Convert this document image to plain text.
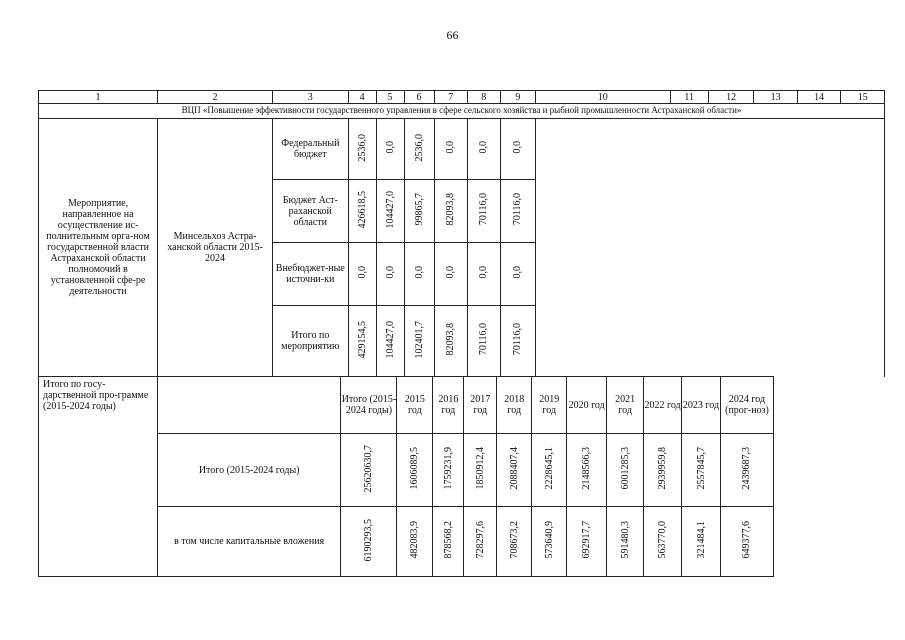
66
1	2	3	4	5	6	7	8	9	10	11	12	13	14	15
ВЦП «Повышение эффективности государственного управления в сфере сельского хозяйства и рыбной промышленности Астраханской области»														
Мероприятие, направленное на осуществление ис-полнительным орга-ном государственной власти Астраханской области полномочий в установленной сфе-ре деятельности	Минсельхоз Астра-ханской области 2015-2024	Федеральный бюджет	2536,0	0,0	2536,0	0,0	0,0	0,0						
		Бюджет Аст-раханской области	426618,5	104427,0	99865,7	82093,8	70116,0	70116,0						
		Внебюджет-ные источни-ки	0,0	0,0	0,0	0,0	0,0	0,0						
		Итого по мероприятию	429154,5	104427,0	102401,7	82093,8	70116,0	70116,0						
Итого по госу-дарственной про-грамме (2015-2024 годы)		Итого (2015-2024 годы)	2015 год	2016 год	2017 год	2018 год	2019 год	2020 год	2021 год	2022 год	2023 год	2024 год (прог-ноз)
	Итого (2015-2024 годы)	25620630,7	1606089,5	1759231,9	1850912,4	2088407,4	2228645,1	2148566,3	6001285,3	2939959,8	2557845,7	2439687,3
	в том числе капитальные вложения	6190293,5	482083,9	878568,2	728297,6	708673,2	573640,9	692917,7	591480,3	563770,0	321484,1	649377,6
